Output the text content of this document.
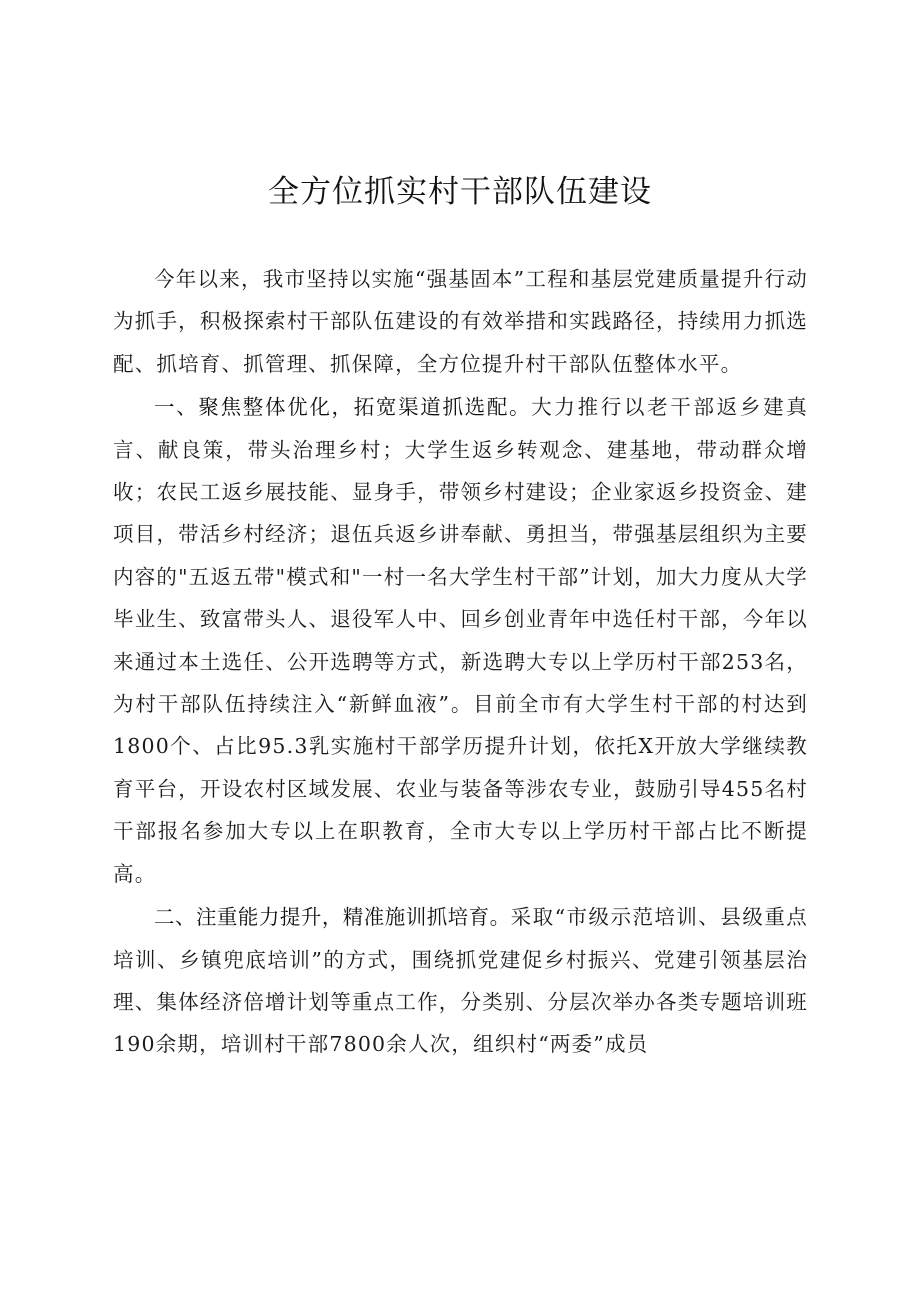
全方位抓实村干部队伍建设

今年以来，我市坚持以实施“强基固本”工程和基层党建质量提升行动为抓手，积极探索村干部队伍建设的有效举措和实践路径，持续用力抓选配、抓培育、抓管理、抓保障，全方位提升村干部队伍整体水平。

一、聚焦整体优化，拓宽渠道抓选配。大力推行以老干部返乡建真言、献良策，带头治理乡村；大学生返乡转观念、建基地，带动群众增收；农民工返乡展技能、显身手，带领乡村建设；企业家返乡投资金、建项目，带活乡村经济；退伍兵返乡讲奉献、勇担当，带强基层组织为主要内容的"五返五带"模式和"一村一名大学生村干部”计划，加大力度从大学毕业生、致富带头人、退役军人中、回乡创业青年中选任村干部，今年以来通过本土选任、公开选聘等方式，新选聘大专以上学历村干部253名，为村干部队伍持续注入“新鲜血液”。目前全市有大学生村干部的村达到1800个、占比95.3乳实施村干部学历提升计划，依托X开放大学继续教育平台，开设农村区域发展、农业与装备等涉农专业，鼓励引导455名村干部报名参加大专以上在职教育，全市大专以上学历村干部占比不断提高。

二、注重能力提升，精准施训抓培育。采取“市级示范培训、县级重点培训、乡镇兜底培训”的方式，围绕抓党建促乡村振兴、党建引领基层治理、集体经济倍增计划等重点工作，分类别、分层次举办各类专题培训班190余期，培训村干部7800余人次，组织村“两委”成员
